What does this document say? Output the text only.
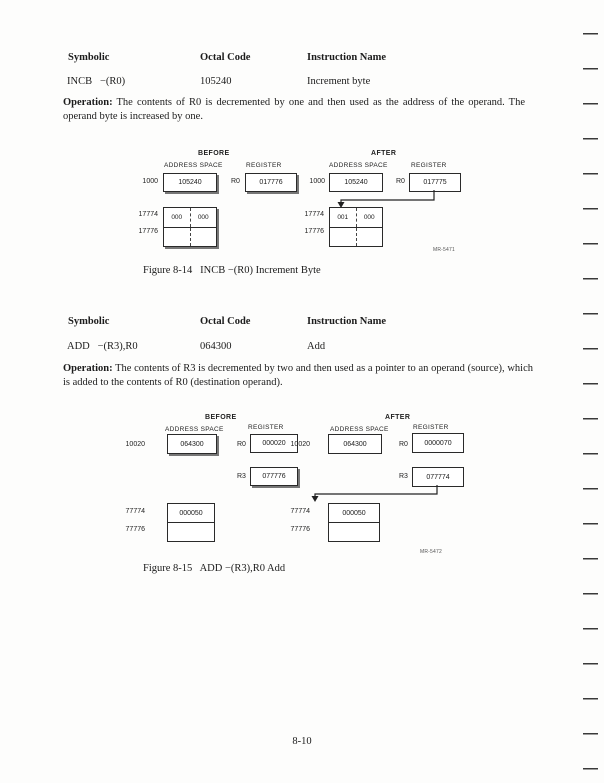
Symbolic	Octal Code	Instruction Name
INCB   −(R0)	105240	Increment byte

Operation: The contents of R0 is decremented by one and then used as the address of the operand. The operand byte is increased by one.

BEFORE
ADDRESS SPACE	REGISTER
1000	105240	R0	017776
17774
17776
000	000
AFTER
ADDRESS SPACE	REGISTER
1000	105240	R0	017775
17774
17776
001	000
MR-5471
Figure 8-14   INCB −(R0) Increment Byte
Symbolic	Octal Code	Instruction Name
ADD   −(R3),R0	064300	Add

Operation: The contents of R3 is decremented by two and then used as a pointer to an operand (source), which is added to the contents of R0 (destination operand).

BEFORE
ADDRESS SPACE	REGISTER
10020	064300	R0	000020
R3	077776
77774
77776
000050
AFTER
ADDRESS SPACE	REGISTER
10020	064300	R0	0000070
R3	077774
77774
77776
000050
MR-5472
Figure 8-15   ADD −(R3),R0 Add
8-10
